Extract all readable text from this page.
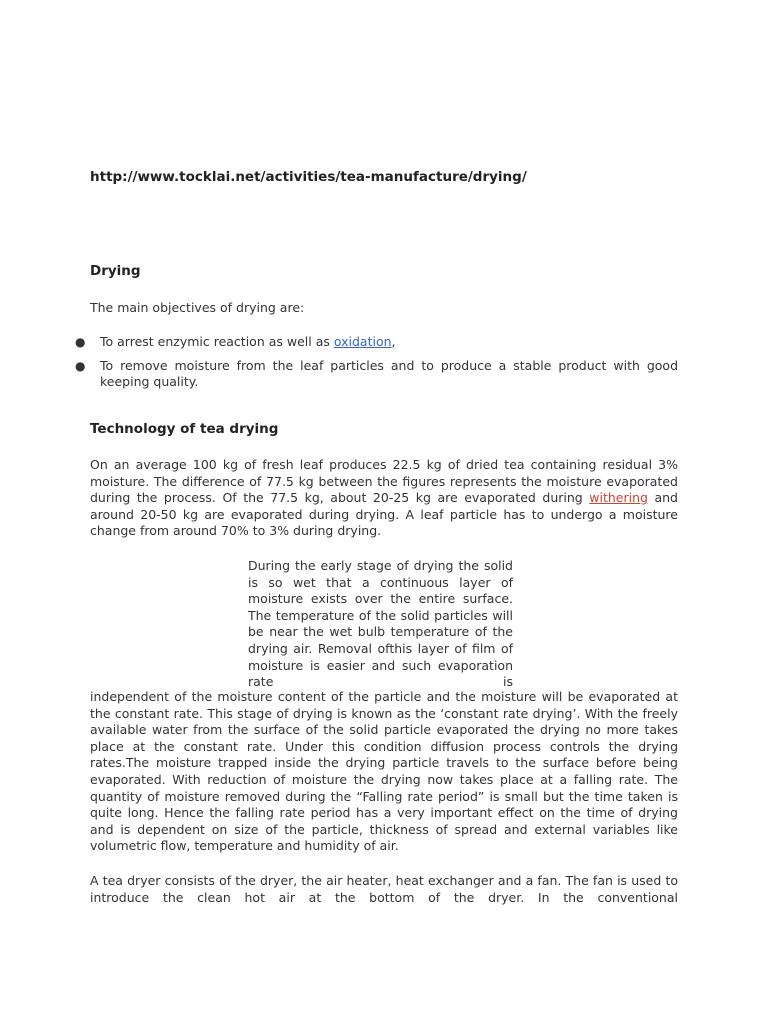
http://www.tocklai.net/activities/tea-manufacture/drying/
Drying
The main objectives of drying are:
● To arrest enzymic reaction as well as oxidation,
● To remove moisture from the leaf particles and to produce a stable product with good keeping quality.
Technology of tea drying
On an average 100 kg of fresh leaf produces 22.5 kg of dried tea containing residual 3% moisture. The difference of 77.5 kg between the figures represents the moisture evaporated during the process. Of the 77.5 kg, about 20-25 kg are evaporated during withering and around 20-50 kg are evaporated during drying. A leaf particle has to undergo a moisture change from around 70% to 3% during drying.
During the early stage of drying the solid is so wet that a continuous layer of moisture exists over the entire surface. The temperature of the solid particles will be near the wet bulb temperature of the drying air. Removal ofthis layer of film of moisture is easier and such evaporation rate is
independent of the moisture content of the particle and the moisture will be evaporated at the constant rate. This stage of drying is known as the ‘constant rate drying’. With the freely available water from the surface of the solid particle evaporated the drying no more takes place at the constant rate. Under this condition diffusion process controls the drying rates.The moisture trapped inside the drying particle travels to the surface before being evaporated. With reduction of moisture the drying now takes place at a falling rate. The quantity of moisture removed during the “Falling rate period” is small but the time taken is quite long. Hence the falling rate period has a very important effect on the time of drying and is dependent on size of the particle, thickness of spread and external variables like volumetric flow, temperature and humidity of air.
A tea dryer consists of the dryer, the air heater, heat exchanger and a fan. The fan is used to introduce the clean hot air at the bottom of the dryer. In the conventional
